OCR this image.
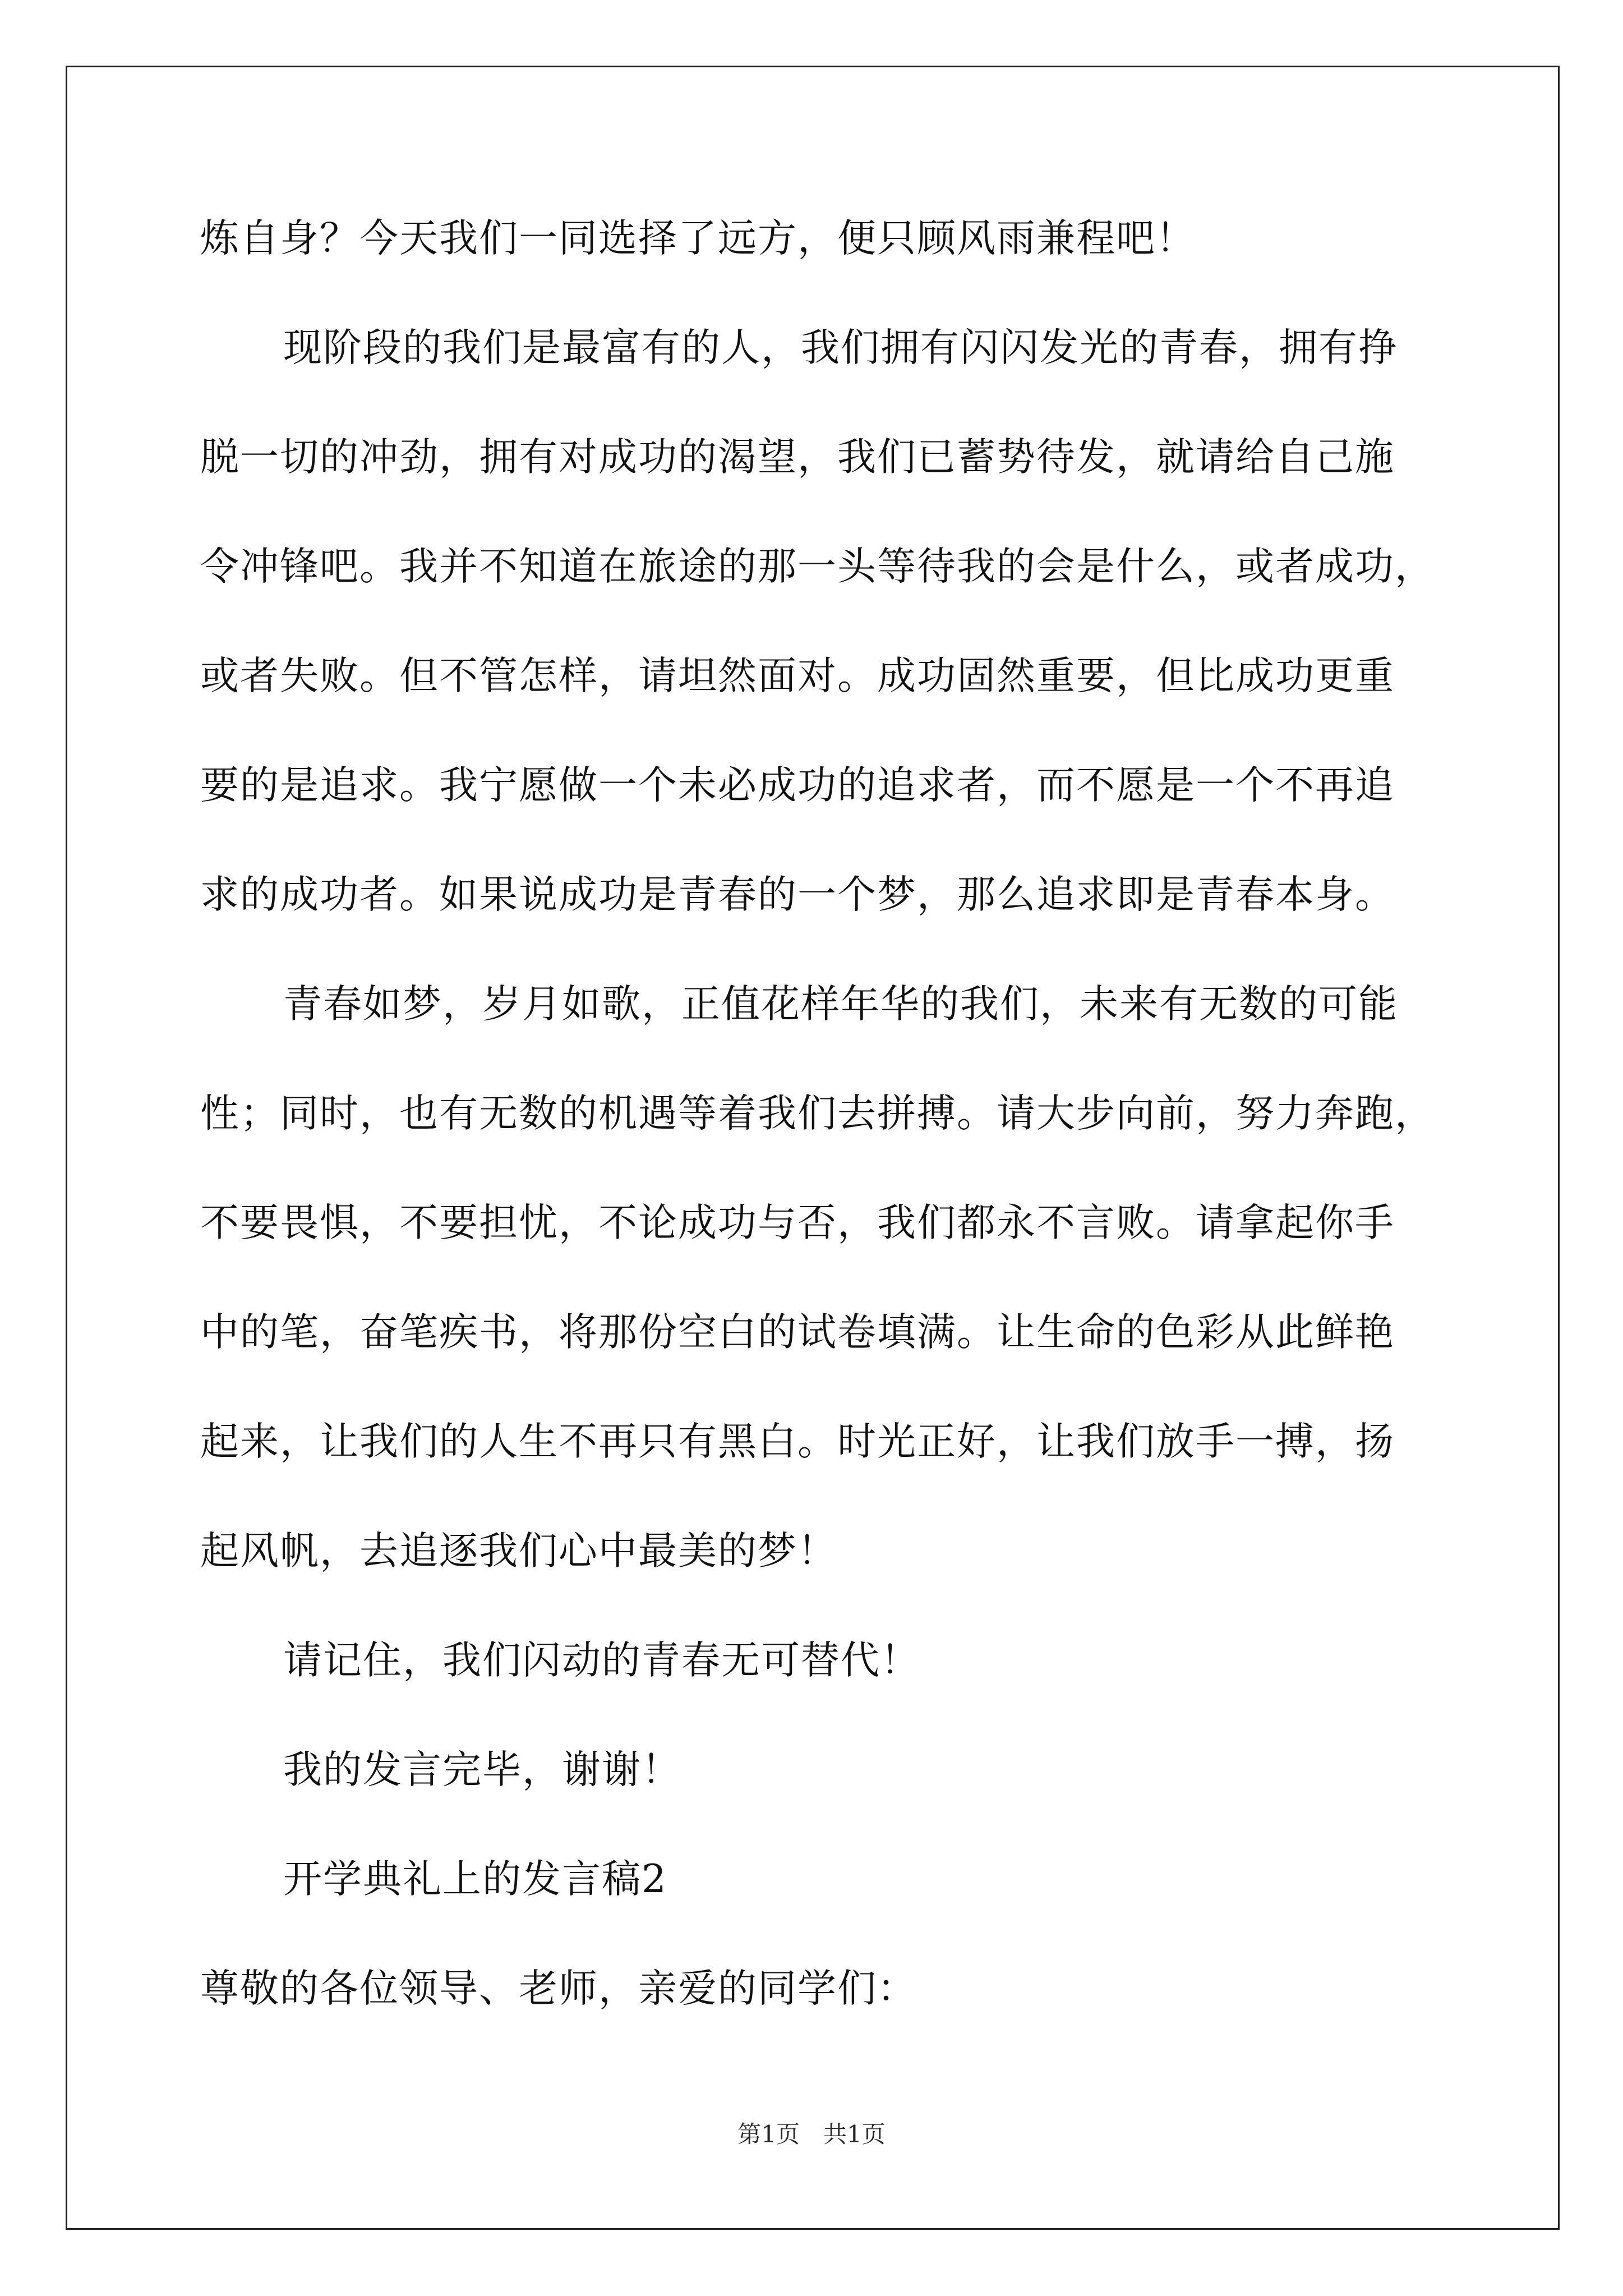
炼自身？今天我们一同选择了远方，便只顾风雨兼程吧！
现阶段的我们是最富有的人，我们拥有闪闪发光的青春，拥有挣
脱一切的冲劲，拥有对成功的渴望，我们已蓄势待发，就请给自己施
令冲锋吧。我并不知道在旅途的那一头等待我的会是什么，或者成功，
或者失败。但不管怎样，请坦然面对。成功固然重要，但比成功更重
要的是追求。我宁愿做一个未必成功的追求者，而不愿是一个不再追
求的成功者。如果说成功是青春的一个梦，那么追求即是青春本身。
青春如梦，岁月如歌，正值花样年华的我们，未来有无数的可能
性；同时，也有无数的机遇等着我们去拼搏。请大步向前，努力奔跑，
不要畏惧，不要担忧，不论成功与否，我们都永不言败。请拿起你手
中的笔，奋笔疾书，将那份空白的试卷填满。让生命的色彩从此鲜艳
起来，让我们的人生不再只有黑白。时光正好，让我们放手一搏，扬
起风帆，去追逐我们心中最美的梦！
请记住，我们闪动的青春无可替代！
我的发言完毕，谢谢！
开学典礼上的发言稿2
尊敬的各位领导、老师，亲爱的同学们：
第1页　共1页
